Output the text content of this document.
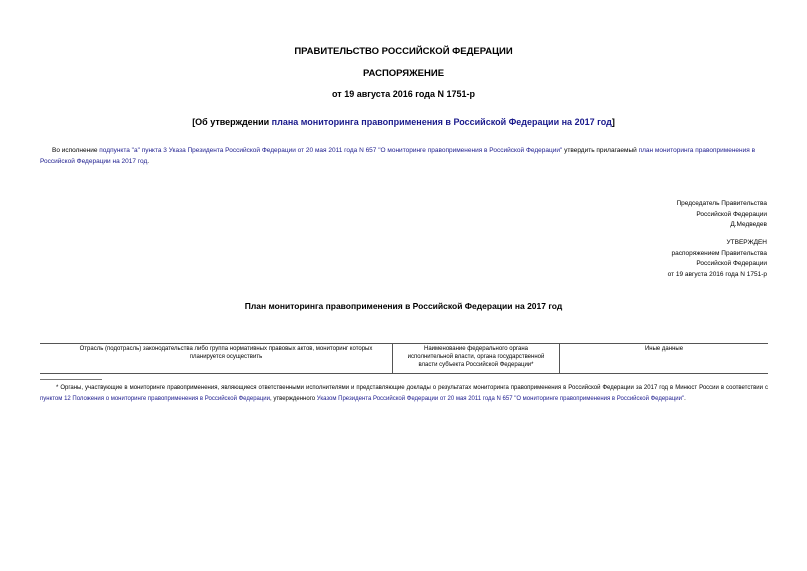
ПРАВИТЕЛЬСТВО РОССИЙСКОЙ ФЕДЕРАЦИИ
РАСПОРЯЖЕНИЕ
от 19 августа 2016 года N 1751-р
[Об утверждении плана мониторинга правоприменения в Российской Федерации на 2017 год]
Во исполнение подпункта "а" пункта 3 Указа Президента Российской Федерации от 20 мая 2011 года N 657 "О мониторинге правоприменения в Российской Федерации" утвердить прилагаемый план мониторинга правоприменения в Российской Федерации на 2017 год.
Председатель Правительства
Российской Федерации
Д.Медведев
УТВЕРЖДЕН
распоряжением Правительства
Российской Федерации
от 19 августа 2016 года N 1751-р
План мониторинга правоприменения в Российской Федерации на 2017 год
Отрасль (подотрасль) законодательства либо группа нормативных правовых актов, мониторинг которых планируется осуществить
Наименование федерального органа исполнительной власти, органа государственной власти субъекта Российской Федерации*
Иные данные
* Органы, участвующие в мониторинге правоприменения, являющиеся ответственными исполнителями и представляющие доклады о результатах мониторинга правоприменения в Российской Федерации за 2017 год в Минюст России в соответствии с пунктом 12 Положения о мониторинге правоприменения в Российской Федерации, утвержденного Указом Президента Российской Федерации от 20 мая 2011 года N 657 "О мониторинге правоприменения в Российской Федерации".
